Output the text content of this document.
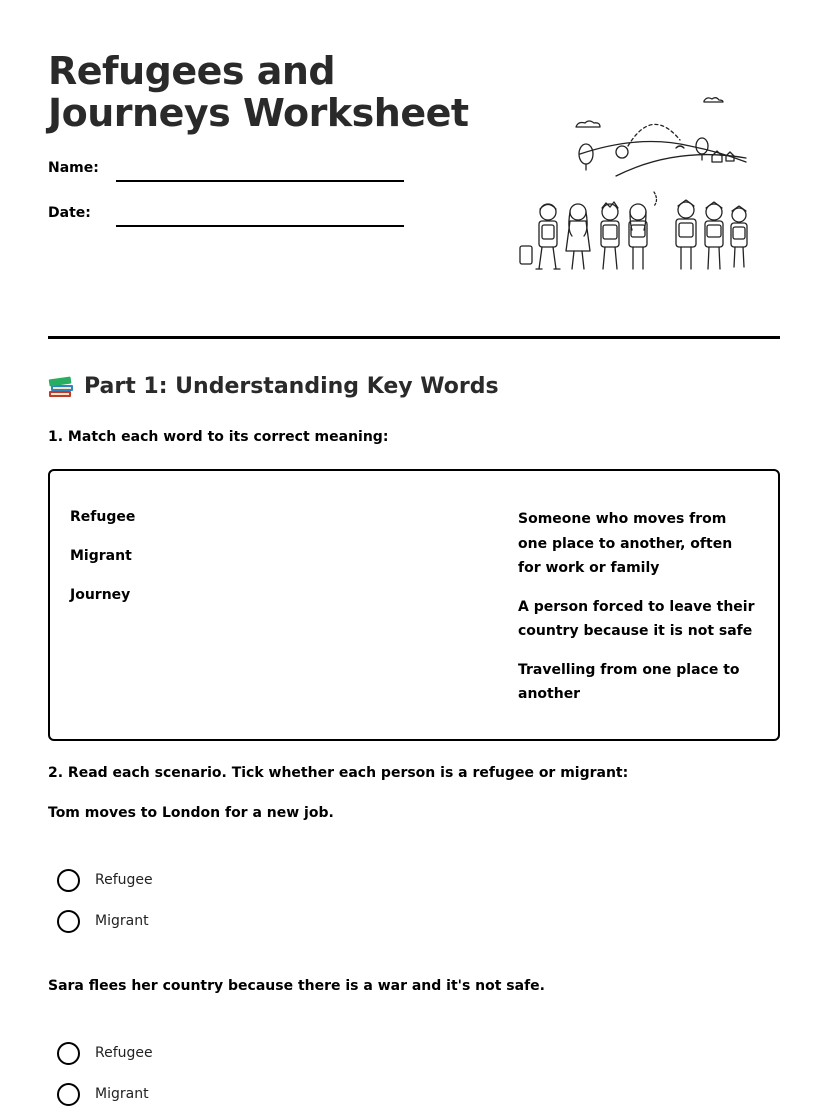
Refugees and Journeys Worksheet
Name:
Date:
Part 1: Understanding Key Words

1. Match each word to its correct meaning:

Refugee
Migrant
Journey
Someone who moves from one place to another, often for work or family
A person forced to leave their country because it is not safe
Travelling from one place to another

2. Read each scenario. Tick whether each person is a refugee or migrant:

Tom moves to London for a new job.

Refugee
Migrant

Sara flees her country because there is a war and it's not safe.

Refugee
Migrant
